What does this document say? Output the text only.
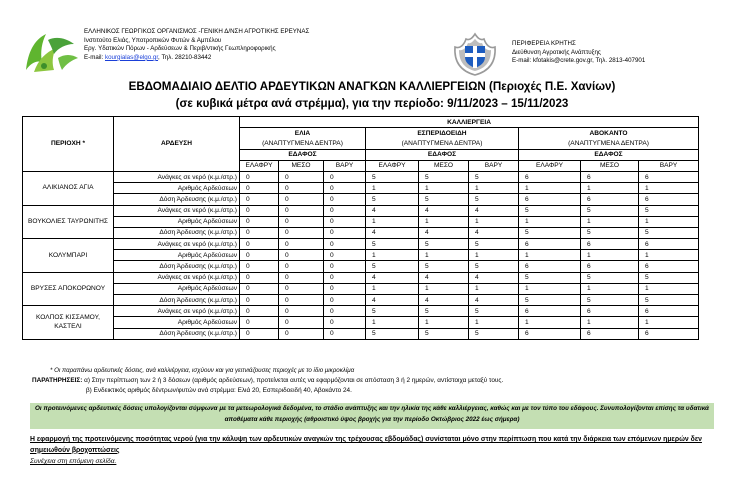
ΕΛΛΗΝΙΚΟΣ ΓΕΩΡΓΙΚΟΣ ΟΡΓΑΝΙΣΜΟΣ -ΓΕΝΙΚΗ Δ/ΝΣΗ ΑΓΡΟΤΙΚΗΣ ΕΡΕΥΝΑΣ
Ινστιτούτο Ελιάς, Υποτροπικών Φυτών & Αμπέλου
Εργ. Υδατικών Πόρων - Αρδεύσεων & Περιβ/ντικής Γεωπληροφορικής
E-mail: kourgialas@elgo.gr, Τηλ. 28210-83442
ΠΕΡΙΦΕΡΕΙΑ ΚΡΗΤΗΣ
Διεύθυνση Αγροτικής Ανάπτυξης
E-mail: kfotakis@crete.gov.gr, Τηλ. 2813-407901
ΕΒΔΟΜΑΔΙΑΙΟ ΔΕΛΤΙΟ ΑΡΔΕΥΤΙΚΩΝ ΑΝΑΓΚΩΝ ΚΑΛΛΙΕΡΓΕΙΩΝ (Περιοχές Π.Ε. Χανίων)
(σε κυβικά μέτρα ανά στρέμμα), για την περίοδο: 9/11/2023 – 15/11/2023
ΠΕΡΙΟΧΗ *	ΑΡΔΕΥΣΗ	ΚΑΛΛΙΕΡΓΕΙΑ								
		ΕΛΙΑ			ΕΣΠΕΡΙΔΟΕΙΔΗ			ΑΒΟΚΑΝΤΟ		
		(ΑΝΑΠΤΥΓΜΕΝΑ ΔΕΝΤΡΑ)			(ΑΝΑΠΤΥΓΜΕΝΑ ΔΕΝΤΡΑ)			(ΑΝΑΠΤΥΓΜΕΝΑ ΔΕΝΤΡΑ)		
		ΕΔΑΦΟΣ			ΕΔΑΦΟΣ			ΕΔΑΦΟΣ		
		ΕΛΑΦΡΥ	ΜΕΣΟ	ΒΑΡΥ	ΕΛΑΦΡΥ	ΜΕΣΟ	ΒΑΡΥ	ΕΛΑΦΡΥ	ΜΕΣΟ	ΒΑΡΥ
ΑΛΙΚΙΑΝΟΣ ΑΓΙΑ	Ανάγκες σε νερό (κ.μ./στρ.)	0	0	0	5	5	5	6	6	6
	Αριθμός Αρδεύσεων	0	0	0	1	1	1	1	1	1
	Δόση Άρδευσης (κ.μ./στρ.)	0	0	0	5	5	5	6	6	6
ΒΟΥΚΟΛΙΕΣ ΤΑΥΡΩΝΙΤΗΣ	Ανάγκες σε νερό (κ.μ./στρ.)	0	0	0	4	4	4	5	5	5
	Αριθμός Αρδεύσεων	0	0	0	1	1	1	1	1	1
	Δόση Άρδευσης (κ.μ./στρ.)	0	0	0	4	4	4	5	5	5
ΚΟΛΥΜΠΑΡΙ	Ανάγκες σε νερό (κ.μ./στρ.)	0	0	0	5	5	5	6	6	6
	Αριθμός Αρδεύσεων	0	0	0	1	1	1	1	1	1
	Δόση Άρδευσης (κ.μ./στρ.)	0	0	0	5	5	5	6	6	6
ΒΡΥΣΕΣ ΑΠΟΚΟΡΩΝΟΥ	Ανάγκες σε νερό (κ.μ./στρ.)	0	0	0	4	4	4	5	5	5
	Αριθμός Αρδεύσεων	0	0	0	1	1	1	1	1	1
	Δόση Άρδευσης (κ.μ./στρ.)	0	0	0	4	4	4	5	5	5
ΚΟΛΠΟΣ ΚΙΣΣΑΜΟΥ, ΚΑΣΤΕΛΙ	Ανάγκες σε νερό (κ.μ./στρ.)	0	0	0	5	5	5	6	6	6
	Αριθμός Αρδεύσεων	0	0	0	1	1	1	1	1	1
	Δόση Άρδευσης (κ.μ./στρ.)	0	0	0	5	5	5	6	6	6
* Οι παραπάνω αρδευτικές δόσεις, ανά καλλιέργεια, ισχύουν και για γειτνιάζουσες περιοχές με το ίδιο μικροκλίμα
ΠΑΡΑΤΗΡΗΣΕΙΣ: α) Στην περίπτωση των 2 ή 3 δόσεων (αριθμός αρδεύσεων), προτείνεται αυτές να εφαρμόζονται σε απόσταση 3 ή 2 ημερών, αντίστοιχα μεταξύ τους.
β) Ενδεικτικός αριθμός δέντρων/φυτών ανά στρέμμα: Ελιά 20, Εσπεριδοειδή 40, Αβοκάντο 24.
Οι προτεινόμενες αρδευτικές δόσεις υπολογίζονται σύμφωνα με τα μετεωρολογικά δεδομένα, το στάδιο ανάπτυξης και την ηλικία της κάθε καλλιέργειας, καθώς και με τον τύπο του εδάφους. Συνυπολογίζονται επίσης τα υδατικά αποθέματα κάθε περιοχής (αθροιστικό ύψος βροχής για την περίοδο Οκτώβριος 2022 έως σήμερα)
Η εφαρμογή της προτεινόμενης ποσότητας νερού (για την κάλυψη των αρδευτικών αναγκών της τρέχουσας εβδομάδας) συνίσταται μόνο στην περίπτωση που κατά την διάρκεια των επόμενων ημερών δεν σημειωθούν βροχοπτώσεις
Συνέχεια στη επόμενη σελίδα.
